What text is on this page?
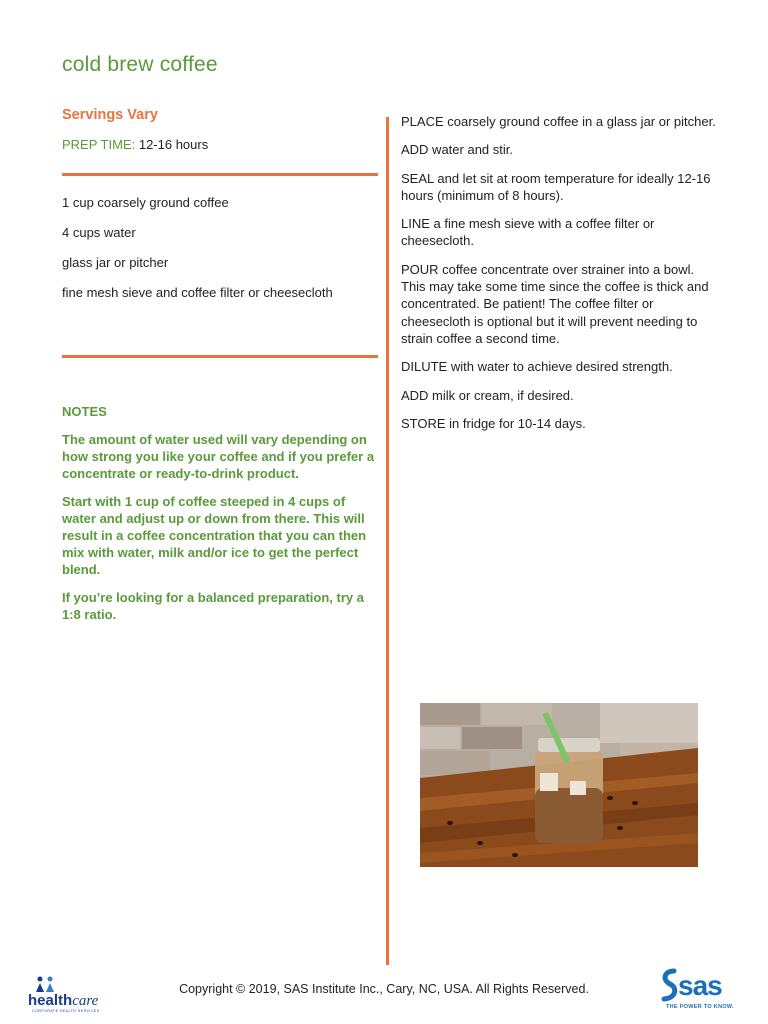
cold brew coffee
Servings Vary
PREP TIME: 12-16 hours
1 cup coarsely ground coffee
4 cups water
glass jar or pitcher
fine mesh sieve and coffee filter or cheesecloth
NOTES

The amount of water used will vary depending on how strong you like your coffee and if you prefer a concentrate or ready-to-drink product.

Start with 1 cup of coffee steeped in 4 cups of water and adjust up or down from there. This will result in a coffee concentration that you can then mix with water, milk and/or ice to get the perfect blend.

If you’re looking for a balanced preparation, try a 1:8 ratio.

PLACE coarsely ground coffee in a glass jar or pitcher.

ADD water and stir.

SEAL and let sit at room temperature for ideally 12-16 hours (minimum of 8 hours).

LINE a fine mesh sieve with a coffee filter or cheesecloth.

POUR coffee concentrate over strainer into a bowl. This may take some time since the coffee is thick and concentrated. Be patient! The coffee filter or cheesecloth is optional but it will prevent needing to strain coffee a second time.

DILUTE with water to achieve desired strength.

ADD milk or cream, if desired.

STORE in fridge for 10-14 days.

healthcare
CORPORATE HEALTH SERVICES
Copyright © 2019, SAS Institute Inc., Cary, NC, USA. All Rights Reserved.	sas
THE POWER TO KNOW.
